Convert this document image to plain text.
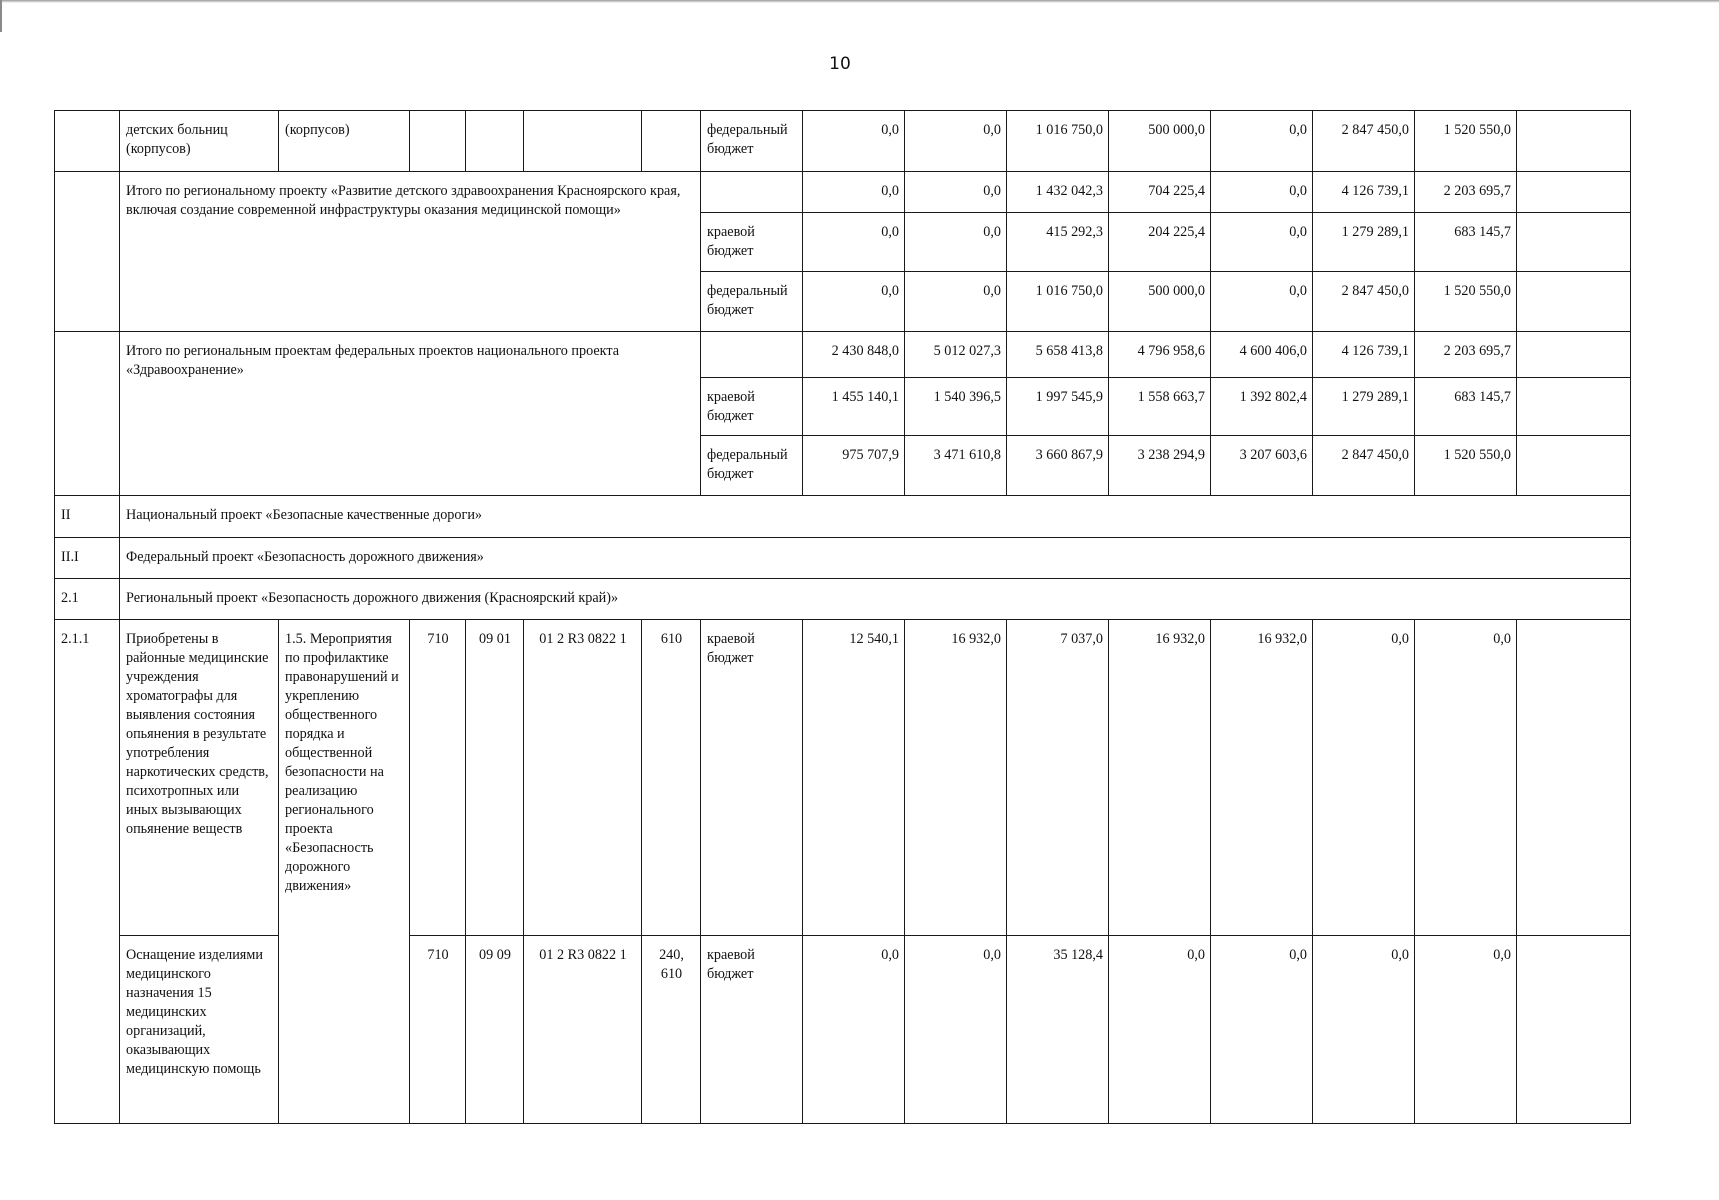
10
	детских больниц (корпусов)	(корпусов)					федеральный бюджет	0,0	0,0	1 016 750,0	500 000,0	0,0	2 847 450,0	1 520 550,0	
	Итого по региональному проекту «Развитие детского здравоохранения Красноярского края, включая создание современной инфраструктуры оказания медицинской помощи»							0,0	0,0	1 432 042,3	704 225,4	0,0	4 126 739,1	2 203 695,7	
							краевой бюджет	0,0	0,0	415 292,3	204 225,4	0,0	1 279 289,1	683 145,7	
							федеральный бюджет	0,0	0,0	1 016 750,0	500 000,0	0,0	2 847 450,0	1 520 550,0	
	Итого по региональным проектам федеральных проектов национального проекта «Здравоохранение»							2 430 848,0	5 012 027,3	5 658 413,8	4 796 958,6	4 600 406,0	4 126 739,1	2 203 695,7	
							краевой бюджет	1 455 140,1	1 540 396,5	1 997 545,9	1 558 663,7	1 392 802,4	1 279 289,1	683 145,7	
							федеральный бюджет	975 707,9	3 471 610,8	3 660 867,9	3 238 294,9	3 207 603,6	2 847 450,0	1 520 550,0	
II	Национальный проект «Безопасные качественные дороги»														
II.I	Федеральный проект «Безопасность дорожного движения»														
2.1	Региональный проект «Безопасность дорожного движения (Красноярский край)»														
2.1.1	Приобретены в районные медицинские учреждения хроматографы для выявления состояния опьянения в результате употребления наркотических средств, психотропных или иных вызывающих опьянение веществ	1.5. Мероприятия по профилактике правонарушений и укреплению общественного порядка и общественной безопасности на реализацию регионального проекта «Безопасность дорожного движения»	710	09 01	01 2 R3 0822 1	610	краевой бюджет	12 540,1	16 932,0	7 037,0	16 932,0	16 932,0	0,0	0,0	
	Оснащение изделиями медицинского назначения 15 медицинских организаций, оказывающих медицинскую помощь		710	09 09	01 2 R3 0822 1	240, 610	краевой бюджет	0,0	0,0	35 128,4	0,0	0,0	0,0	0,0	
